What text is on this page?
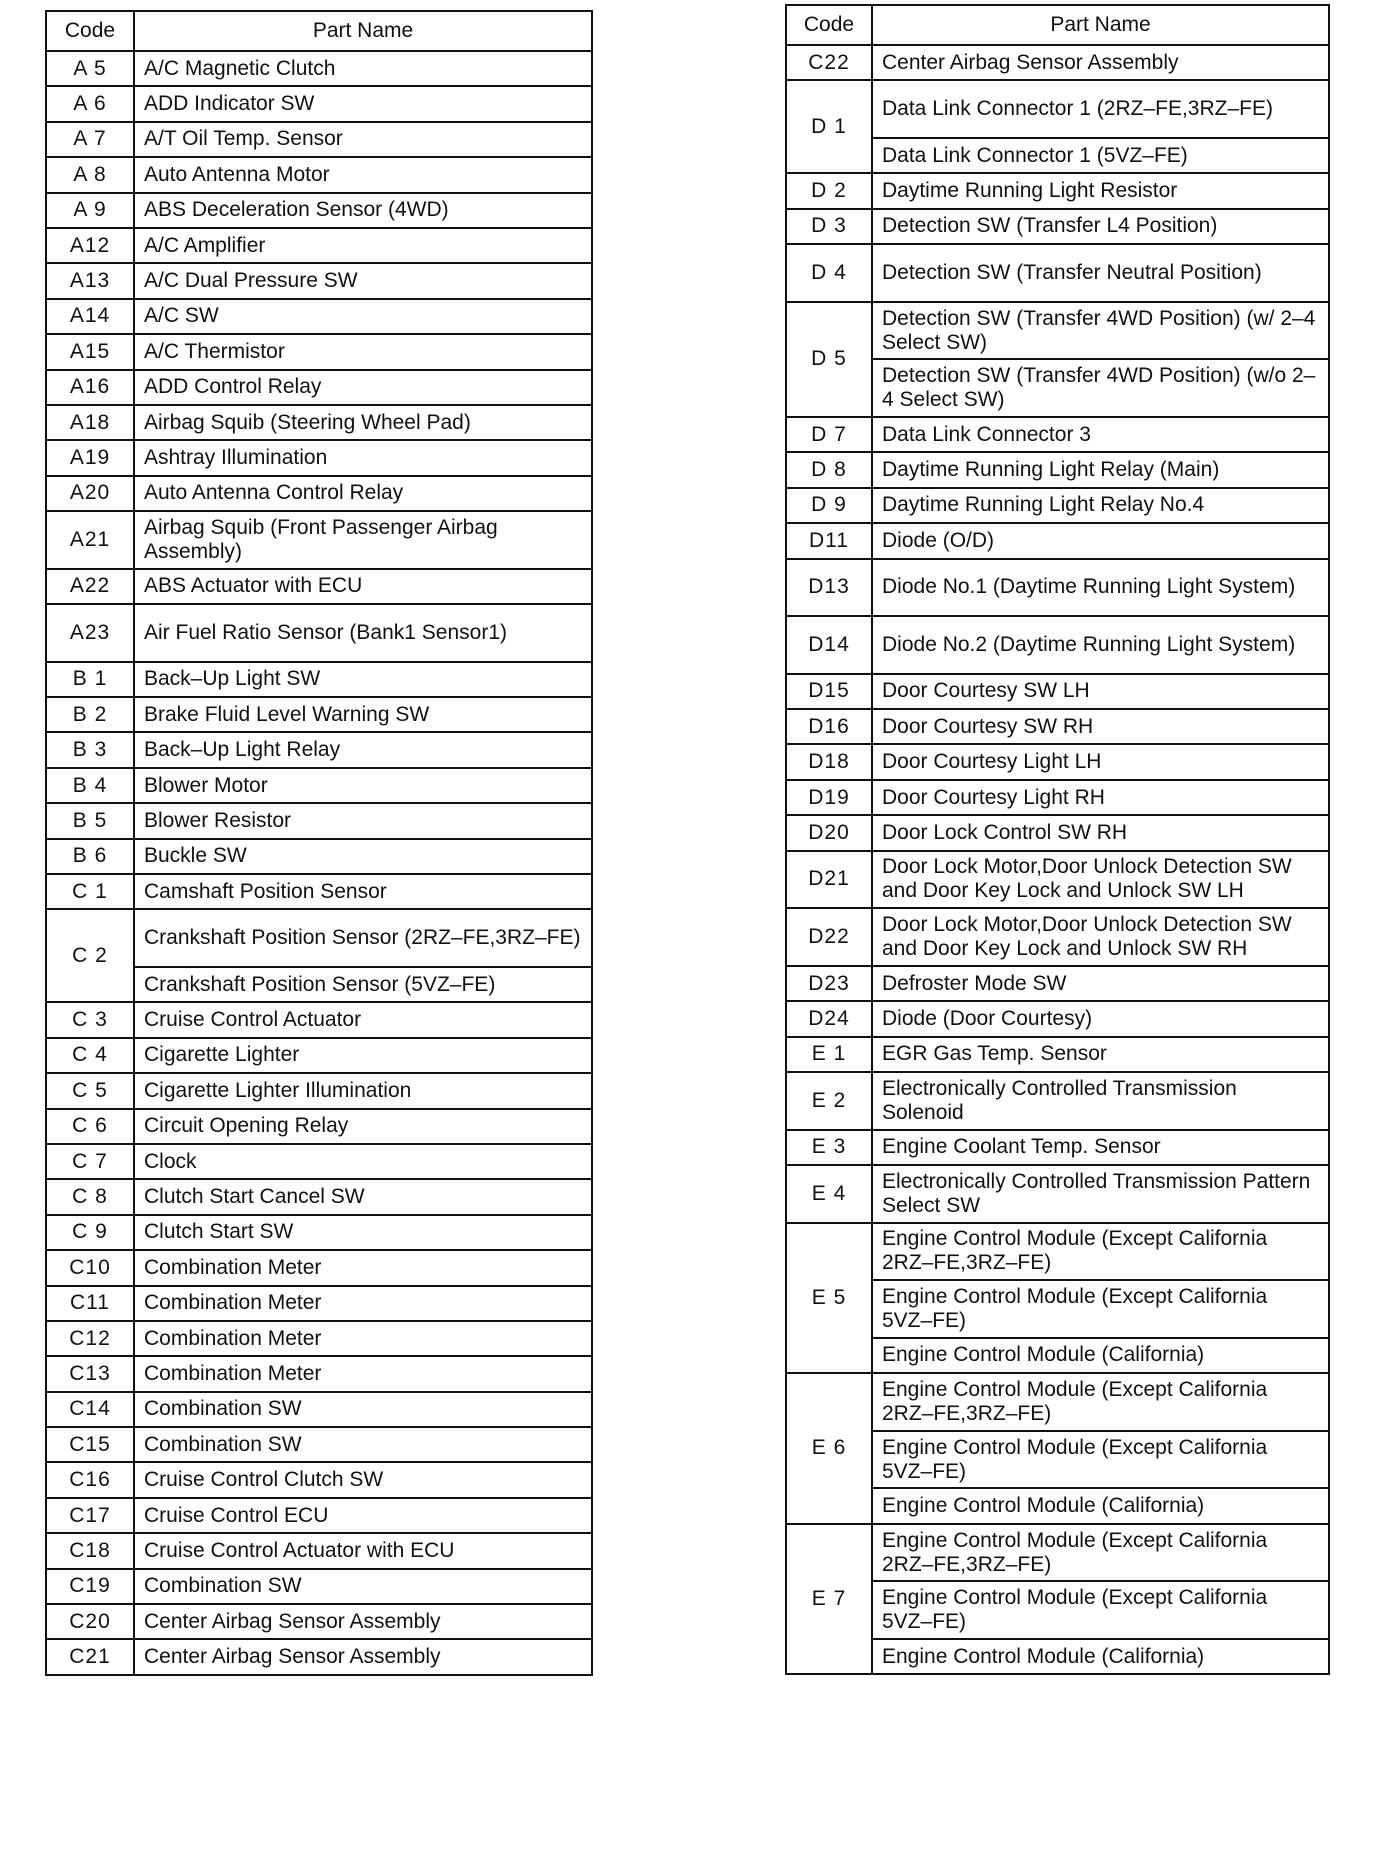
Code	Part Name
A 5	A/C Magnetic Clutch
A 6	ADD Indicator SW
A 7	A/T Oil Temp. Sensor
A 8	Auto Antenna Motor
A 9	ABS Deceleration Sensor (4WD)
A12	A/C Amplifier
A13	A/C Dual Pressure SW
A14	A/C SW
A15	A/C Thermistor
A16	ADD Control Relay
A18	Airbag Squib (Steering Wheel Pad)
A19	Ashtray Illumination
A20	Auto Antenna Control Relay
A21	Airbag Squib (Front Passenger Airbag Assembly)
A22	ABS Actuator with ECU
A23	Air Fuel Ratio Sensor (Bank1 Sensor1)
B 1	Back–Up Light SW
B 2	Brake Fluid Level Warning SW
B 3	Back–Up Light Relay
B 4	Blower Motor
B 5	Blower Resistor
B 6	Buckle SW
C 1	Camshaft Position Sensor
C 2	Crankshaft Position Sensor (2RZ–FE,3RZ–FE)
	Crankshaft Position Sensor (5VZ–FE)
C 3	Cruise Control Actuator
C 4	Cigarette Lighter
C 5	Cigarette Lighter Illumination
C 6	Circuit Opening Relay
C 7	Clock
C 8	Clutch Start Cancel SW
C 9	Clutch Start SW
C10	Combination Meter
C11	Combination Meter
C12	Combination Meter
C13	Combination Meter
C14	Combination SW
C15	Combination SW
C16	Cruise Control Clutch SW
C17	Cruise Control ECU
C18	Cruise Control Actuator with ECU
C19	Combination SW
C20	Center Airbag Sensor Assembly
C21	Center Airbag Sensor Assembly
Code	Part Name
C22	Center Airbag Sensor Assembly
D 1	Data Link Connector 1 (2RZ–FE,3RZ–FE)
	Data Link Connector 1 (5VZ–FE)
D 2	Daytime Running Light Resistor
D 3	Detection SW (Transfer L4 Position)
D 4	Detection SW (Transfer Neutral Position)
D 5	Detection SW (Transfer 4WD Position) (w/ 2–4 Select SW)
	Detection SW (Transfer 4WD Position) (w/o 2–4 Select SW)
D 7	Data Link Connector 3
D 8	Daytime Running Light Relay (Main)
D 9	Daytime Running Light Relay No.4
D11	Diode (O/D)
D13	Diode No.1 (Daytime Running Light System)
D14	Diode No.2 (Daytime Running Light System)
D15	Door Courtesy SW LH
D16	Door Courtesy SW RH
D18	Door Courtesy Light LH
D19	Door Courtesy Light RH
D20	Door Lock Control SW RH
D21	Door Lock Motor,Door Unlock Detection SW and Door Key Lock and Unlock SW LH
D22	Door Lock Motor,Door Unlock Detection SW and Door Key Lock and Unlock SW RH
D23	Defroster Mode SW
D24	Diode (Door Courtesy)
E 1	EGR Gas Temp. Sensor
E 2	Electronically Controlled Transmission Solenoid
E 3	Engine Coolant Temp. Sensor
E 4	Electronically Controlled Transmission Pattern Select SW
E 5	Engine Control Module (Except California 2RZ–FE,3RZ–FE)
	Engine Control Module (Except California 5VZ–FE)
	Engine Control Module (California)
E 6	Engine Control Module (Except California 2RZ–FE,3RZ–FE)
	Engine Control Module (Except California 5VZ–FE)
	Engine Control Module (California)
E 7	Engine Control Module (Except California 2RZ–FE,3RZ–FE)
	Engine Control Module (Except California 5VZ–FE)
	Engine Control Module (California)
